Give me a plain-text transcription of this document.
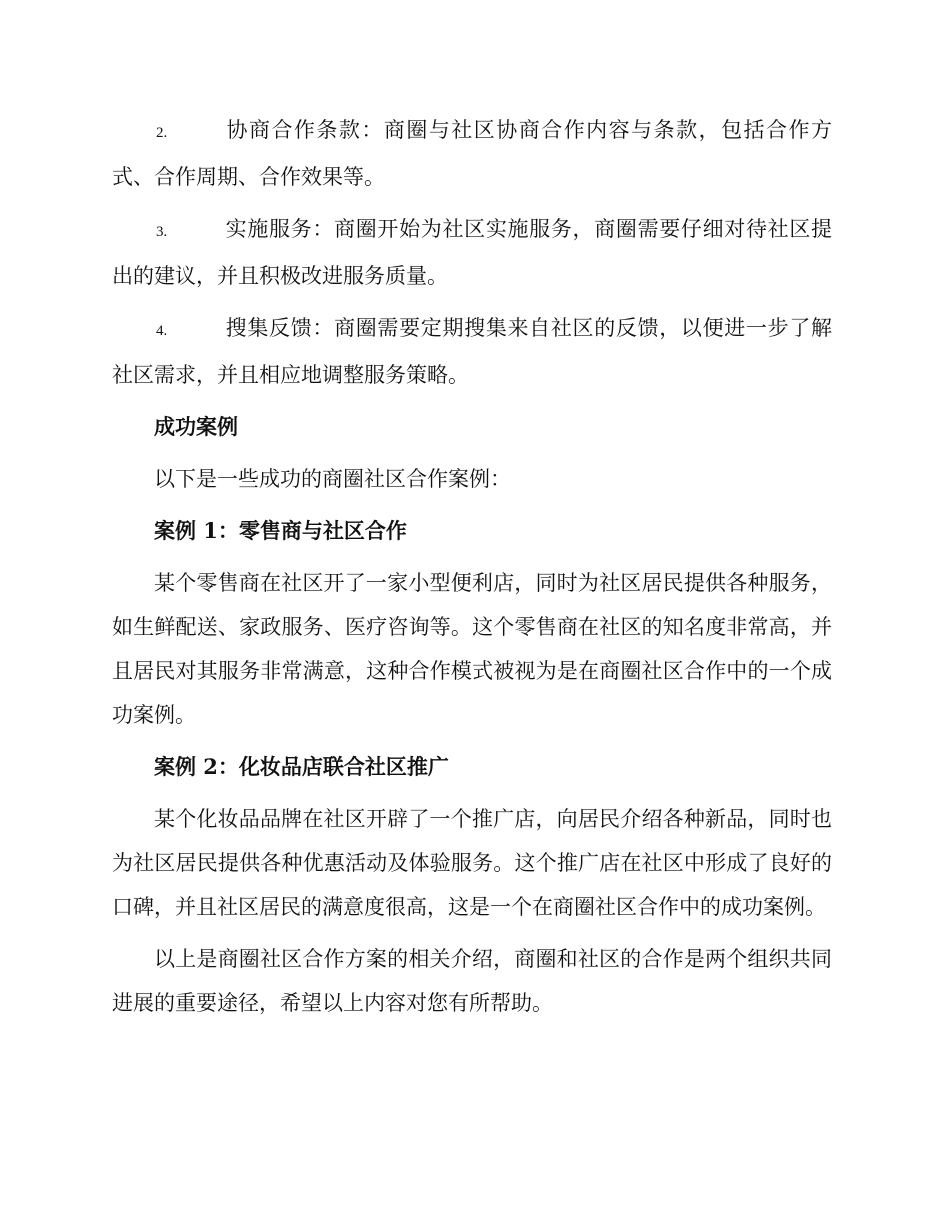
2.	协商合作条款：商圈与社区协商合作内容与条款，包括合作方式、合作周期、合作效果等。

3.	实施服务：商圈开始为社区实施服务，商圈需要仔细对待社区提出的建议，并且积极改进服务质量。

4.	搜集反馈：商圈需要定期搜集来自社区的反馈，以便进一步了解社区需求，并且相应地调整服务策略。

成功案例

以下是一些成功的商圈社区合作案例：

案例 1：零售商与社区合作

某个零售商在社区开了一家小型便利店，同时为社区居民提供各种服务，如生鲜配送、家政服务、医疗咨询等。这个零售商在社区的知名度非常高，并且居民对其服务非常满意，这种合作模式被视为是在商圈社区合作中的一个成功案例。

案例 2：化妆品店联合社区推广

某个化妆品品牌在社区开辟了一个推广店，向居民介绍各种新品，同时也为社区居民提供各种优惠活动及体验服务。这个推广店在社区中形成了良好的口碑，并且社区居民的满意度很高，这是一个在商圈社区合作中的成功案例。

以上是商圈社区合作方案的相关介绍，商圈和社区的合作是两个组织共同进展的重要途径，希望以上内容对您有所帮助。
